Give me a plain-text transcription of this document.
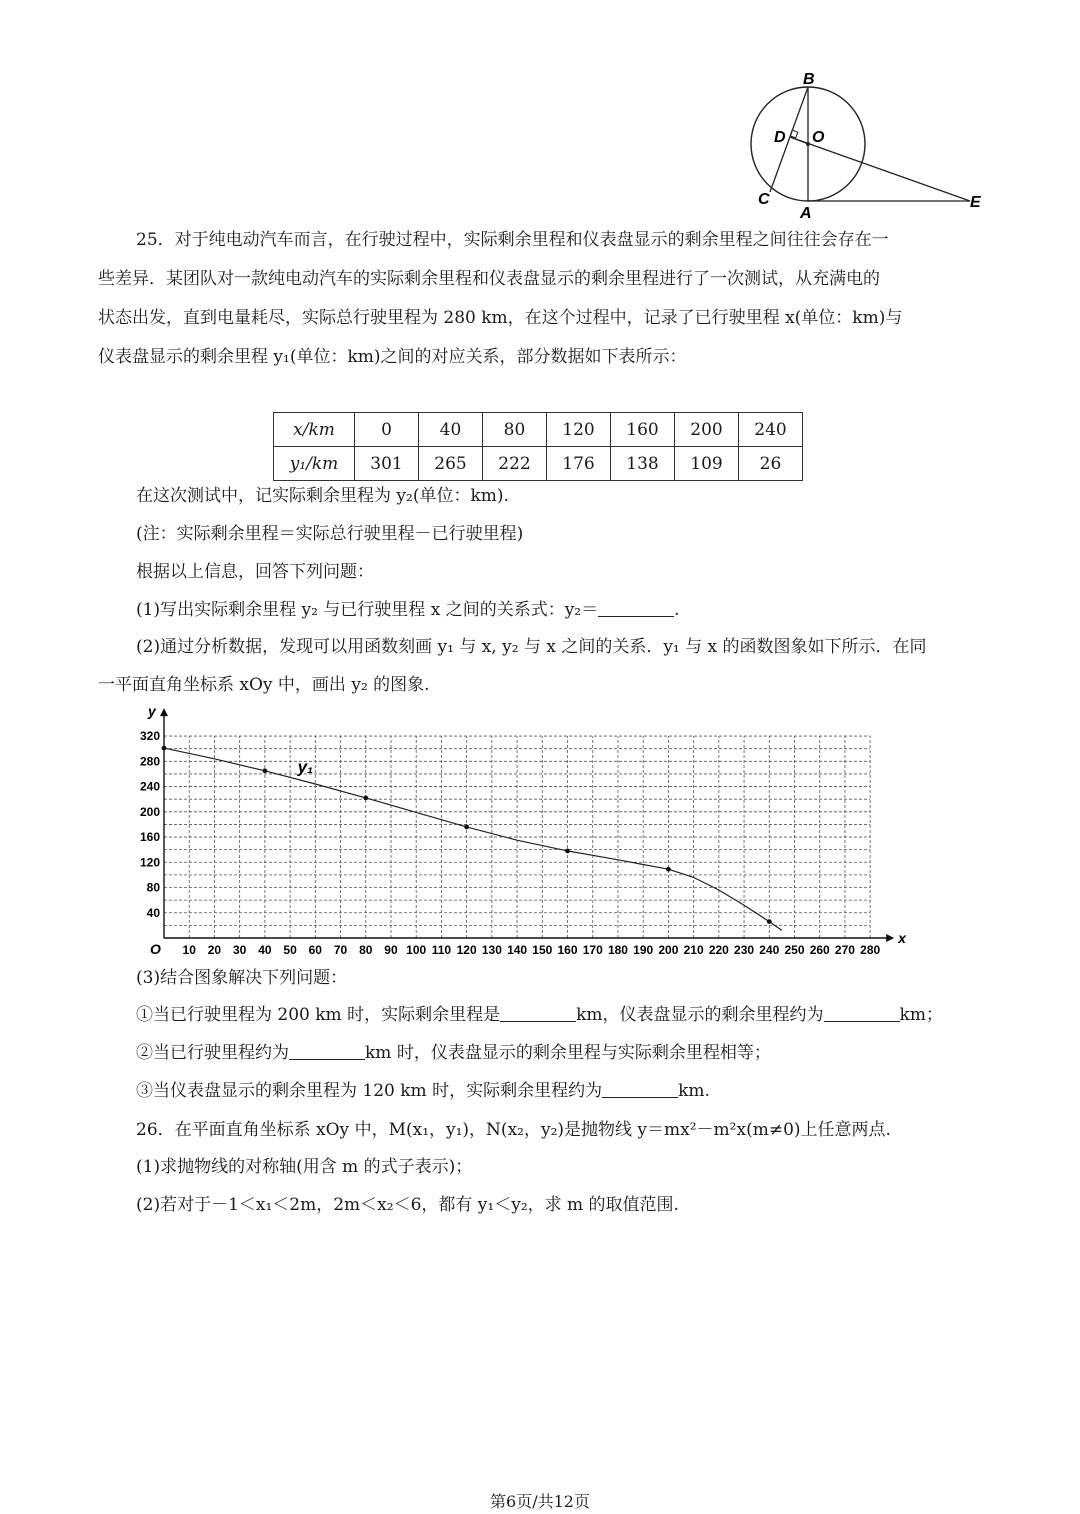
B
D O
C
A
E
25．对于纯电动汽车而言，在行驶过程中，实际剩余里程和仪表盘显示的剩余里程之间往往会存在一
些差异．某团队对一款纯电动汽车的实际剩余里程和仪表盘显示的剩余里程进行了一次测试，从充满电的
状态出发，直到电量耗尽，实际总行驶里程为 280 km，在这个过程中，记录了已行驶里程 x(单位：km)与
仪表盘显示的剩余里程 y₁(单位：km)之间的对应关系，部分数据如下表所示：
x/km	0	40	80	120	160	200	240
y₁/km	301	265	222	176	138	109	26
在这次测试中，记实际剩余里程为 y₂(单位：km).
(注：实际剩余里程＝实际总行驶里程－已行驶里程)
根据以上信息，回答下列问题：
(1)写出实际剩余里程 y₂ 与已行驶里程 x 之间的关系式：y₂＝	.
(2)通过分析数据，发现可以用函数刻画 y₁ 与 x, y₂ 与 x 之间的关系．y₁ 与 x 的函数图象如下所示．在同
一平面直角坐标系 xOy 中，画出 y₂ 的图象.
10 20 30 40 50 60 70 80 90 100 110 120 130 140 150 160 170 180 190 200 210 220 230 240 250 260 270 280
40
80
120
160
200
240
280
320
O
x
y
y₁
(3)结合图象解决下列问题：
①当已行驶里程为 200 km 时，实际剩余里程是	km，仪表盘显示的剩余里程约为	km；
②当已行驶里程约为	km 时，仪表盘显示的剩余里程与实际剩余里程相等；
③当仪表盘显示的剩余里程为 120 km 时，实际剩余里程约为	km.
26．在平面直角坐标系 xOy 中，M(x₁，y₁)，N(x₂，y₂)是抛物线 y＝mx²－m²x(m≠0)上任意两点.
(1)求抛物线的对称轴(用含 m 的式子表示)；
(2)若对于－1＜x₁＜2m，2m＜x₂＜6，都有 y₁＜y₂，求 m 的取值范围.
第6页/共12页
